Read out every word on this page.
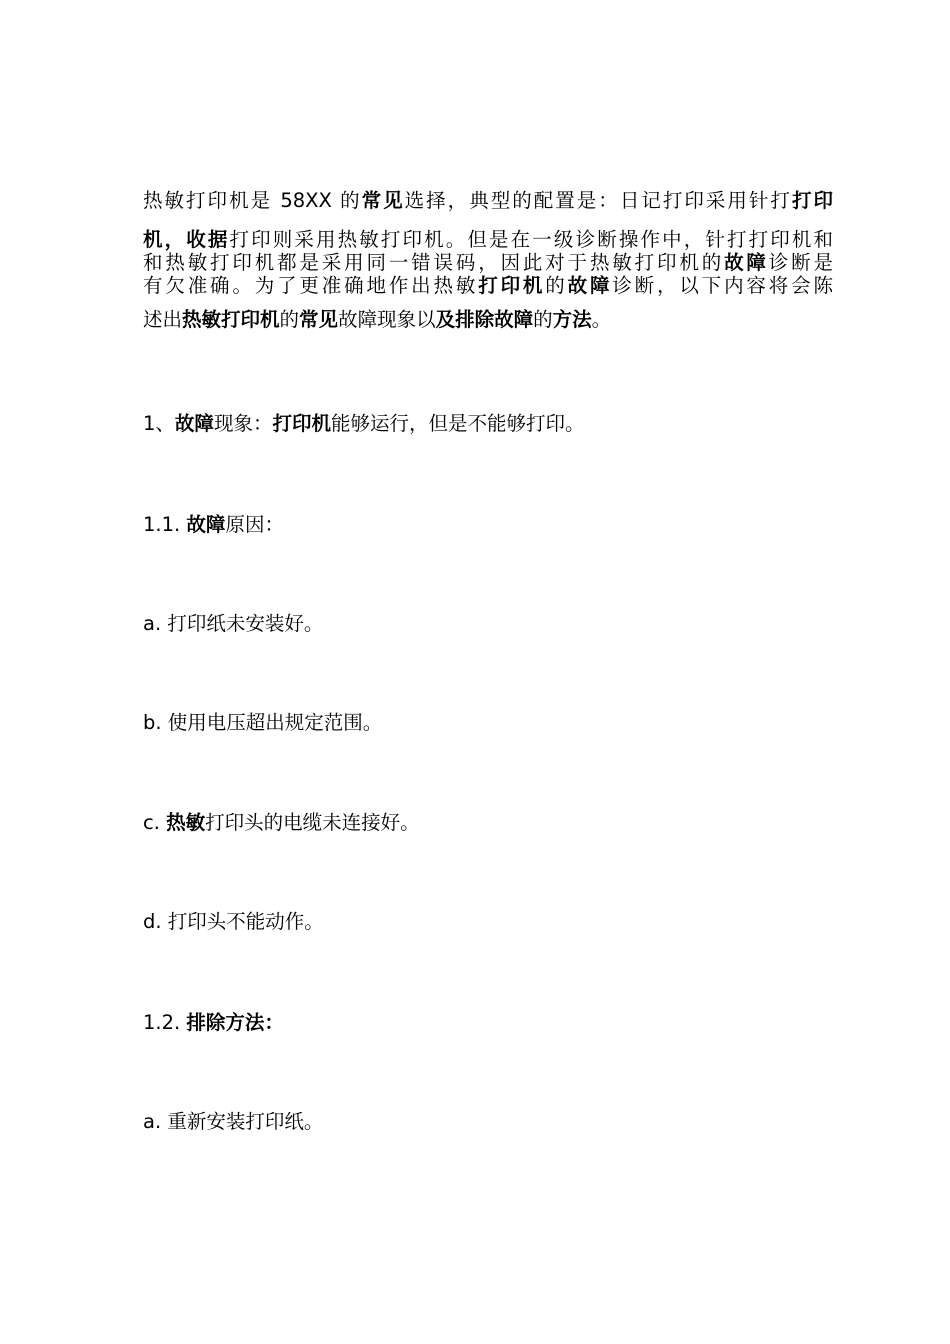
热敏打印机是 58XX 的常见选择，典型的配置是：日记打印采用针打打印
机，收据打印则采用热敏打印机。但是在一级诊断操作中，针打打印机和
和热敏打印机都是采用同一错误码，因此对于热敏打印机的故障诊断是
有欠准确。为了更准确地作出热敏打印机的故障诊断，以下内容将会陈
述出热敏打印机的常见故障现象以及排除故障的方法。
1、故障现象：打印机能够运行，但是不能够打印。
1.1. 故障原因：
a. 打印纸未安装好。
b. 使用电压超出规定范围。
c. 热敏打印头的电缆未连接好。
d. 打印头不能动作。
1.2. 排除方法：
a. 重新安装打印纸。
